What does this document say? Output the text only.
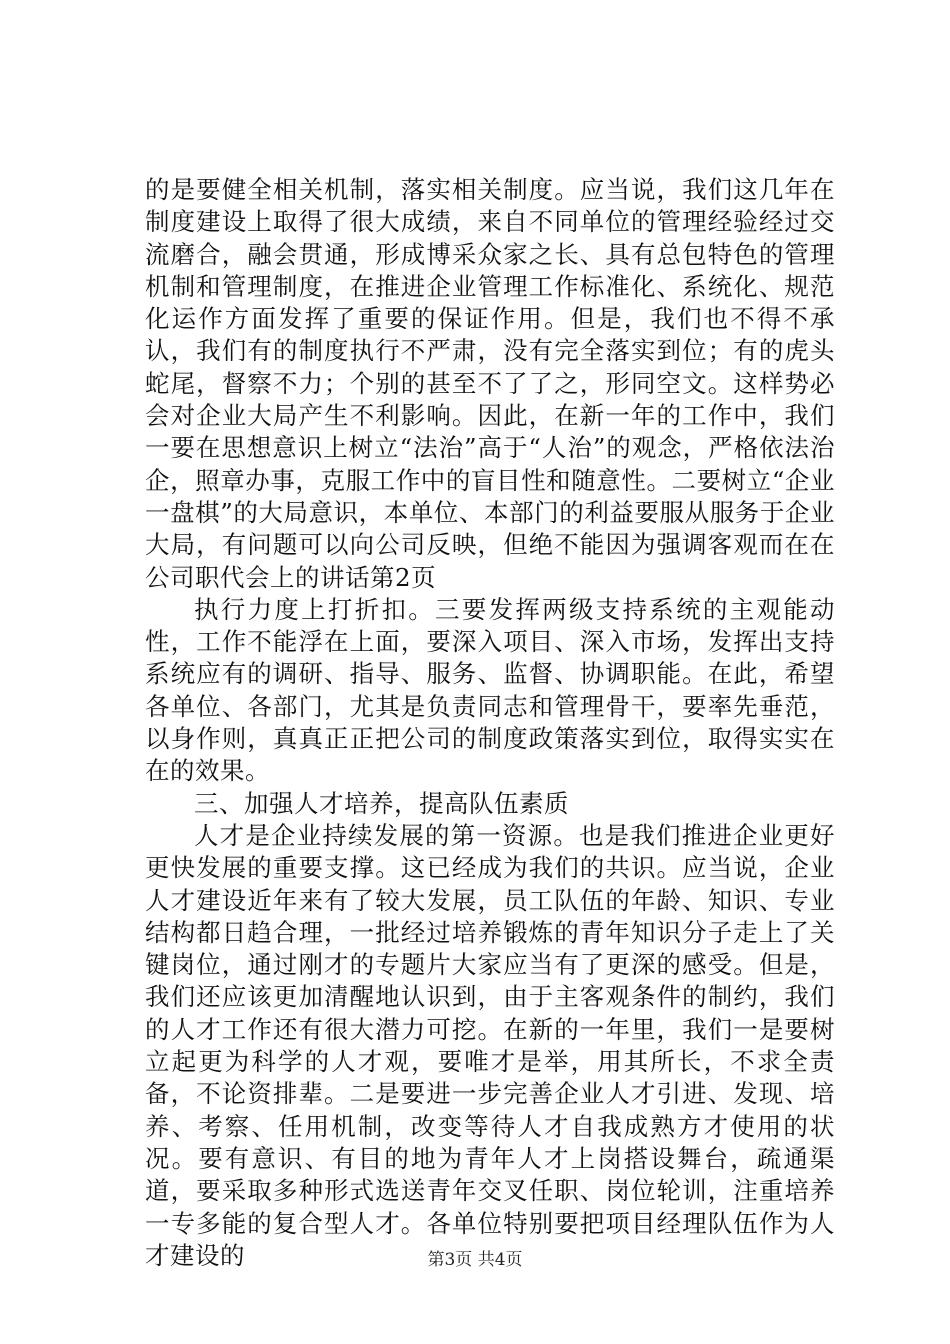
的是要健全相关机制，落实相关制度。应当说，我们这几年在制度建设上取得了很大成绩，来自不同单位的管理经验经过交流磨合，融会贯通，形成博采众家之长、具有总包特色的管理机制和管理制度，在推进企业管理工作标准化、系统化、规范化运作方面发挥了重要的保证作用。但是，我们也不得不承认，我们有的制度执行不严肃，没有完全落实到位；有的虎头蛇尾，督察不力；个别的甚至不了了之，形同空文。这样势必会对企业大局产生不利影响。因此，在新一年的工作中，我们一要在思想意识上树立“法治”高于“人治”的观念，严格依法治企，照章办事，克服工作中的盲目性和随意性。二要树立“企业一盘棋”的大局意识，本单位、本部门的利益要服从服务于企业大局，有问题可以向公司反映，但绝不能因为强调客观而在在公司职代会上的讲话第2页

执行力度上打折扣。三要发挥两级支持系统的主观能动性，工作不能浮在上面，要深入项目、深入市场，发挥出支持系统应有的调研、指导、服务、监督、协调职能。在此，希望各单位、各部门，尤其是负责同志和管理骨干，要率先垂范，以身作则，真真正正把公司的制度政策落实到位，取得实实在在的效果。

三、加强人才培养，提高队伍素质

人才是企业持续发展的第一资源。也是我们推进企业更好更快发展的重要支撑。这已经成为我们的共识。应当说，企业人才建设近年来有了较大发展，员工队伍的年龄、知识、专业结构都日趋合理，一批经过培养锻炼的青年知识分子走上了关键岗位，通过刚才的专题片大家应当有了更深的感受。但是，我们还应该更加清醒地认识到，由于主客观条件的制约，我们的人才工作还有很大潜力可挖。在新的一年里，我们一是要树立起更为科学的人才观，要唯才是举，用其所长，不求全责备，不论资排辈。二是要进一步完善企业人才引进、发现、培养、考察、任用机制，改变等待人才自我成熟方才使用的状况。要有意识、有目的地为青年人才上岗搭设舞台，疏通渠道，要采取多种形式选送青年交叉任职、岗位轮训，注重培养一专多能的复合型人才。各单位特别要把项目经理队伍作为人才建设的	第3页 共4页
